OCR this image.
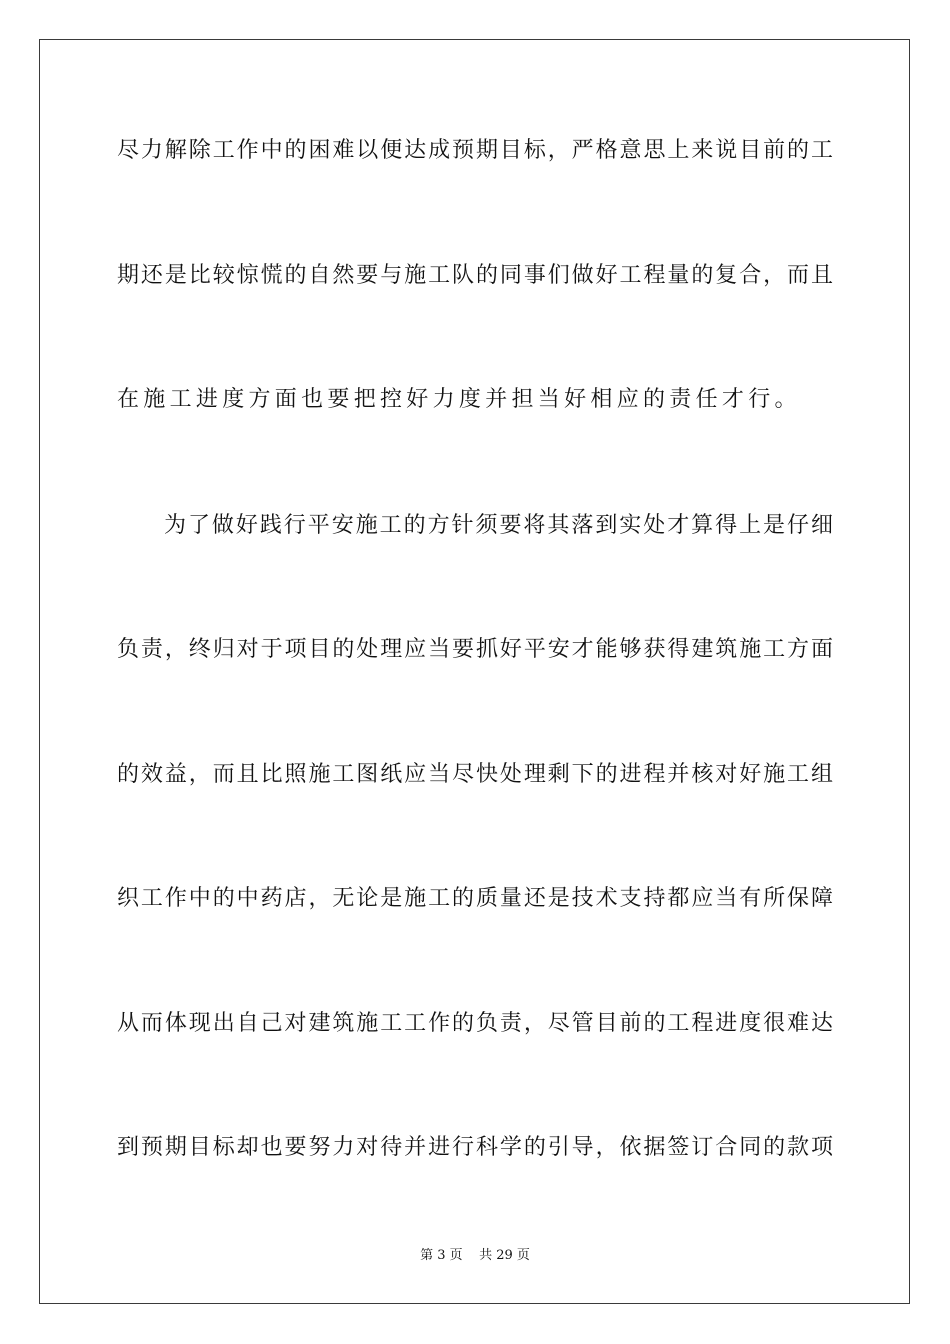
尽力解除工作中的困难以便达成预期目标，严格意思上来说目前的工
期还是比较惊慌的自然要与施工队的同事们做好工程量的复合，而且
在施工进度方面也要把控好力度并担当好相应的责任才行。
为了做好践行平安施工的方针须要将其落到实处才算得上是仔细
负责，终归对于项目的处理应当要抓好平安才能够获得建筑施工方面
的效益，而且比照施工图纸应当尽快处理剩下的进程并核对好施工组
织工作中的中药店，无论是施工的质量还是技术支持都应当有所保障
从而体现出自己对建筑施工工作的负责，尽管目前的工程进度很难达
到预期目标却也要努力对待并进行科学的引导，依据签订合同的款项
第 3 页    共 29 页
